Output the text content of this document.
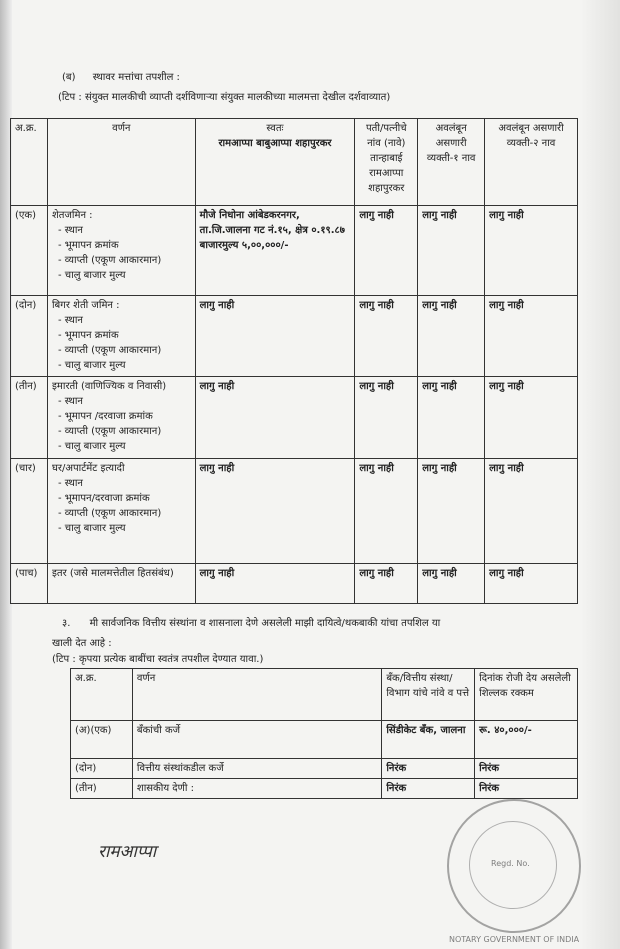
(ब) स्थावर मत्तांचा तपशील :
(टिप : संयुक्त मालकीची व्याप्ती दर्शविणाऱ्या संयुक्त मालकीच्या मालमत्ता देखील दर्शवाव्यात)
अ.क्र.	वर्णन	स्वतः
रामआप्पा बाबुआप्पा शहापुरकर	पती/पत्नीचे नांव (नावे) तान्हाबाई रामआप्पा शहापुरकर	अवलंबून असणारी व्यक्ती-१ नाव	अवलंबून असणारी व्यक्ती-२ नाव
(एक)	शेतजमिन :
- स्थान
- भूमापन क्रमांक
- व्याप्ती (एकूण आकारमान)
- चालु बाजार मुल्य	मौजे निधोना आंबेडकरनगर, ता.जि.जालना गट नं.१५, क्षेत्र ०.१९.८७
बाजारमुल्य ५,००,०००/-	लागु नाही	लागु नाही	लागु नाही
(दोन)	बिगर शेती जमिन :
- स्थान
- भूमापन क्रमांक
- व्याप्ती (एकूण आकारमान)
- चालु बाजार मुल्य	लागु नाही	लागु नाही	लागु नाही	लागु नाही
(तीन)	इमारती (वाणिज्यिक व निवासी)
- स्थान
- भूमापन /दरवाजा क्रमांक
- व्याप्ती (एकूण आकारमान)
- चालु बाजार मुल्य	लागु नाही	लागु नाही	लागु नाही	लागु नाही
(चार)	घर/अपार्टमेंट इत्यादी
- स्थान
- भूमापन/दरवाजा क्रमांक
- व्याप्ती (एकूण आकारमान)
- चालु बाजार मुल्य	लागु नाही	लागु नाही	लागु नाही	लागु नाही
(पाच)	इतर (जसे मालमत्तेतील हितसंबंध)	लागु नाही	लागु नाही	लागु नाही	लागु नाही
३. मी सार्वजनिक वित्तीय संस्थांना व शासनाला देणे असलेली माझी दायित्वे/थकबाकी यांचा तपशिल या
खाली देत आहे :
(टिप : कृपया प्रत्येक बाबींचा स्वतंत्र तपशील देण्यात यावा.)
अ.क्र.	वर्णन	बँक/वित्तीय संस्था/ विभाग यांचे नांवे व पत्ते	दिनांक रोजी देय असलेली शिल्लक रक्कम
(अ)(एक)	बँकांची कर्जे	सिंडीकेट बँक, जालना	रू. ४०,०००/-
(दोन)	वित्तीय संस्थांकडील कर्जे	निरंक	निरंक
(तीन)	शासकीय देणी :	निरंक	निरंक
Regd. No.
NOTARY GOVERNMENT OF INDIA
रामआप्पा
